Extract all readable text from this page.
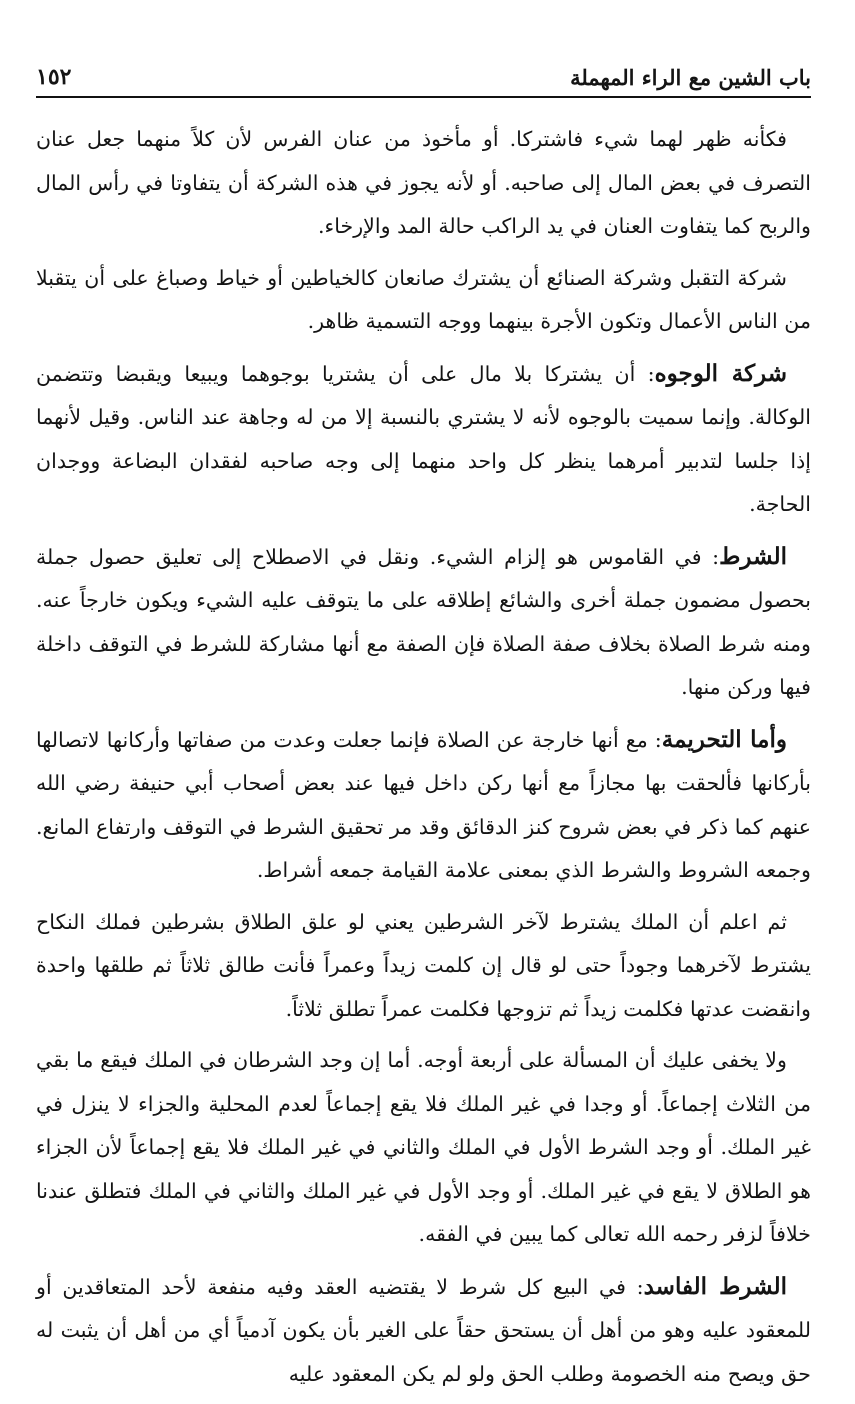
باب الشين مع الراء المهملة
١٥٢

فكأنه ظهر لهما شيء فاشتركا. أو مأخوذ من عنان الفرس لأن كلاً منهما جعل عنان التصرف في بعض المال إلى صاحبه. أو لأنه يجوز في هذه الشركة أن يتفاوتا في رأس المال والربح كما يتفاوت العنان في يد الراكب حالة المد والإرخاء.

شركة التقبل وشركة الصنائع أن يشترك صانعان كالخياطين أو خياط وصباغ على أن يتقبلا من الناس الأعمال وتكون الأجرة بينهما ووجه التسمية ظاهر.

شركة الوجوه: أن يشتركا بلا مال على أن يشتريا بوجوهما ويبيعا ويقبضا وتتضمن الوكالة. وإنما سميت بالوجوه لأنه لا يشتري بالنسبة إلا من له وجاهة عند الناس. وقيل لأنهما إذا جلسا لتدبير أمرهما ينظر كل واحد منهما إلى وجه صاحبه لفقدان البضاعة ووجدان الحاجة.

الشرط: في القاموس هو إلزام الشيء. ونقل في الاصطلاح إلى تعليق حصول جملة بحصول مضمون جملة أخرى والشائع إطلاقه على ما يتوقف عليه الشيء ويكون خارجاً عنه. ومنه شرط الصلاة بخلاف صفة الصلاة فإن الصفة مع أنها مشاركة للشرط في التوقف داخلة فيها وركن منها.

وأما التحريمة: مع أنها خارجة عن الصلاة فإنما جعلت وعدت من صفاتها وأركانها لاتصالها بأركانها فألحقت بها مجازاً مع أنها ركن داخل فيها عند بعض أصحاب أبي حنيفة رضي الله عنهم كما ذكر في بعض شروح كنز الدقائق وقد مر تحقيق الشرط في التوقف وارتفاع المانع. وجمعه الشروط والشرط الذي بمعنى علامة القيامة جمعه أشراط.

ثم اعلم أن الملك يشترط لآخر الشرطين يعني لو علق الطلاق بشرطين فملك النكاح يشترط لآخرهما وجوداً حتى لو قال إن كلمت زيداً وعمراً فأنت طالق ثلاثاً ثم طلقها واحدة وانقضت عدتها فكلمت زيداً ثم تزوجها فكلمت عمراً تطلق ثلاثاً.

ولا يخفى عليك أن المسألة على أربعة أوجه. أما إن وجد الشرطان في الملك فيقع ما بقي من الثلاث إجماعاً. أو وجدا في غير الملك فلا يقع إجماعاً لعدم المحلية والجزاء لا ينزل في غير الملك. أو وجد الشرط الأول في الملك والثاني في غير الملك فلا يقع إجماعاً لأن الجزاء هو الطلاق لا يقع في غير الملك. أو وجد الأول في غير الملك والثاني في الملك فتطلق عندنا خلافاً لزفر رحمه الله تعالى كما يبين في الفقه.

الشرط الفاسد: في البيع كل شرط لا يقتضيه العقد وفيه منفعة لأحد المتعاقدين أو للمعقود عليه وهو من أهل أن يستحق حقاً على الغير بأن يكون آدمياً أي من أهل أن يثبت له حق ويصح منه الخصومة وطلب الحق ولو لم يكن المعقود عليه
